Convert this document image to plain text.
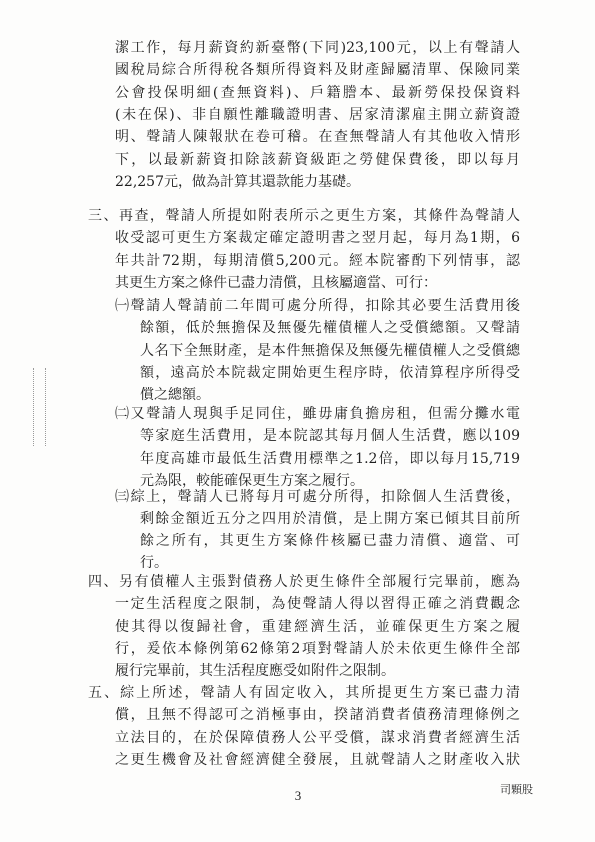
潔工作，每月薪資約新臺幣(下同)23,100元，以上有聲請人
國稅局綜合所得稅各類所得資料及財產歸屬清單、保險同業
公會投保明細(查無資料)、戶籍謄本、最新勞保投保資料
(未在保)、非自願性離職證明書、居家清潔雇主開立薪資證
明、聲請人陳報狀在卷可稽。在查無聲請人有其他收入情形
下，以最新薪資扣除該薪資級距之勞健保費後，即以每月
22,257元，做為計算其還款能力基礎。
三、再查，聲請人所提如附表所示之更生方案，其條件為聲請人
收受認可更生方案裁定確定證明書之翌月起，每月為1期，6
年共計72期，每期清償5,200元。經本院審酌下列情事，認
其更生方案之條件已盡力清償，且核屬適當、可行：
㈠聲請人聲請前二年間可處分所得，扣除其必要生活費用後
餘額，低於無擔保及無優先權債權人之受償總額。又聲請
人名下全無財產，是本件無擔保及無優先權債權人之受償總
額，遠高於本院裁定開始更生程序時，依清算程序所得受
償之總額。
㈡又聲請人現與手足同住，雖毋庸負擔房租，但需分攤水電
等家庭生活費用，是本院認其每月個人生活費，應以109
年度高雄市最低生活費用標準之1.2倍，即以每月15,719
元為限，較能確保更生方案之履行。
㈢綜上，聲請人已將每月可處分所得，扣除個人生活費後，
剩餘金額近五分之四用於清償，是上開方案已傾其目前所
餘之所有，其更生方案條件核屬已盡力清償、適當、可
行。
四、另有債權人主張對債務人於更生條件全部履行完畢前，應為
一定生活程度之限制，為使聲請人得以習得正確之消費觀念
使其得以復歸社會，重建經濟生活，並確保更生方案之履
行，爰依本條例第62條第2項對聲請人於未依更生條件全部
履行完畢前，其生活程度應受如附件之限制。
五、綜上所述，聲請人有固定收入，其所提更生方案已盡力清
償，且無不得認可之消極事由，揆諸消費者債務清理條例之
立法目的，在於保障債務人公平受償，謀求消費者經濟生活
之更生機會及社會經濟健全發展，且就聲請人之財產收入狀
3	司顆股
